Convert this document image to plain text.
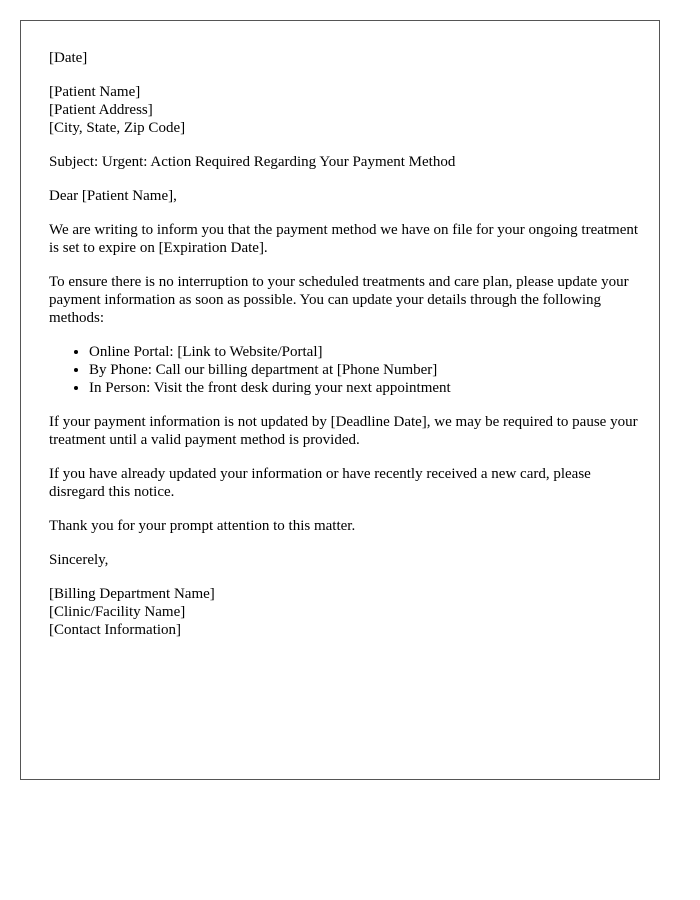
[Date]

[Patient Name]
[Patient Address]
[City, State, Zip Code]

Subject: Urgent: Action Required Regarding Your Payment Method

Dear [Patient Name],

We are writing to inform you that the payment method we have on file for your ongoing treatment is set to expire on [Expiration Date].

To ensure there is no interruption to your scheduled treatments and care plan, please update your payment information as soon as possible. You can update your details through the following methods:

• Online Portal: [Link to Website/Portal]
• By Phone: Call our billing department at [Phone Number]
• In Person: Visit the front desk during your next appointment

If your payment information is not updated by [Deadline Date], we may be required to pause your treatment until a valid payment method is provided.

If you have already updated your information or have recently received a new card, please disregard this notice.

Thank you for your prompt attention to this matter.

Sincerely,

[Billing Department Name]
[Clinic/Facility Name]
[Contact Information]
